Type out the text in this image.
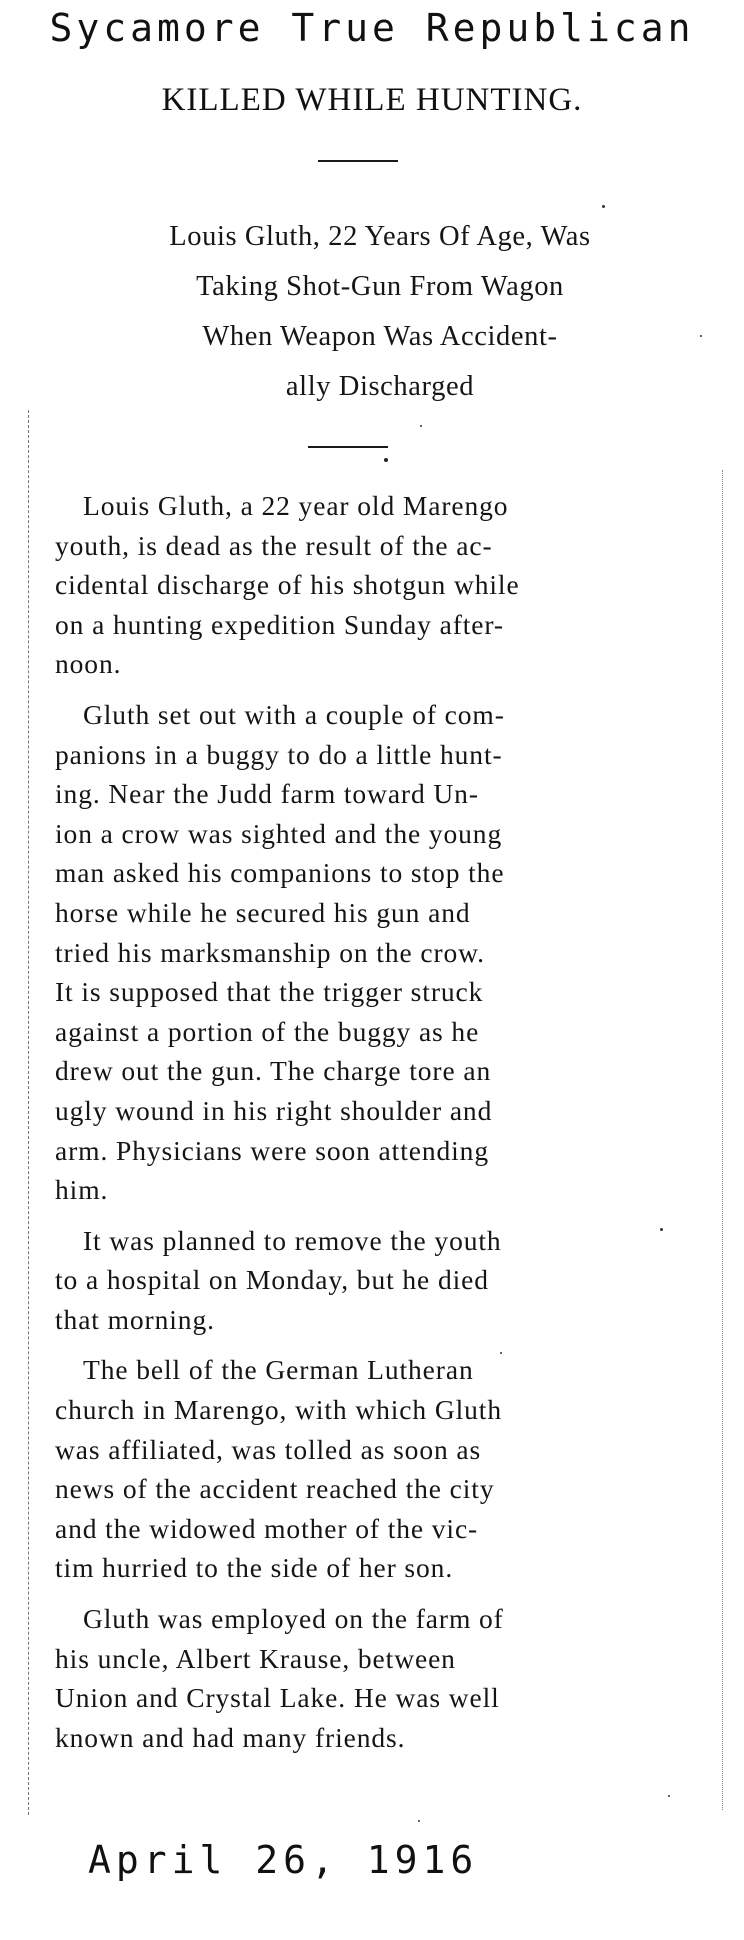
Sycamore True Republican
KILLED WHILE HUNTING.
Louis Gluth, 22 Years Of Age, Was
Taking Shot-Gun From Wagon
When Weapon Was Accident-
ally Discharged
Louis Gluth, a 22 year old Marengo
youth, is dead as the result of the ac-
cidental discharge of his shotgun while
on a hunting expedition Sunday after-
noon.
Gluth set out with a couple of com-
panions in a buggy to do a little hunt-
ing. Near the Judd farm toward Un-
ion a crow was sighted and the young
man asked his companions to stop the
horse while he secured his gun and
tried his marksmanship on the crow.
It is supposed that the trigger struck
against a portion of the buggy as he
drew out the gun. The charge tore an
ugly wound in his right shoulder and
arm. Physicians were soon attending
him.
It was planned to remove the youth
to a hospital on Monday, but he died
that morning.
The bell of the German Lutheran
church in Marengo, with which Gluth
was affiliated, was tolled as soon as
news of the accident reached the city
and the widowed mother of the vic-
tim hurried to the side of her son.
Gluth was employed on the farm of
his uncle, Albert Krause, between
Union and Crystal Lake. He was well
known and had many friends.
April 26, 1916
